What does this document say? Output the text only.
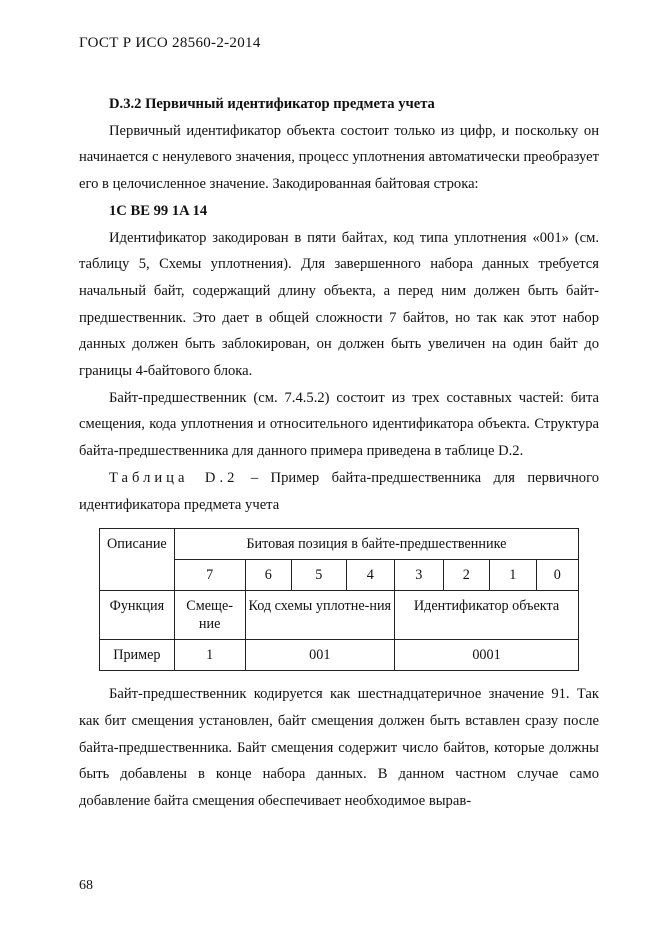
ГОСТ Р ИСО 28560-2-2014

D.3.2 Первичный идентификатор предмета учета

Первичный идентификатор объекта состоит только из цифр, и поскольку он начинается с ненулевого значения, процесс уплотнения автоматически преобразует его в целочисленное значение. Закодированная байтовая строка:

1C BE 99 1A 14

Идентификатор закодирован в пяти байтах, код типа уплотнения «001» (см. таблицу 5, Схемы уплотнения). Для завершенного набора данных требуется начальный байт, содержащий длину объекта, а перед ним должен быть байт-предшественник. Это дает в общей сложности 7 байтов, но так как этот набор данных должен быть заблокирован, он должен быть увеличен на один байт до границы 4-байтового блока.

Байт-предшественник (см. 7.4.5.2) состоит из трех составных частей: бита смещения, кода уплотнения и относительного идентификатора объекта. Структура байта-предшественника для данного примера приведена в таблице D.2.

Таблица D.2 – Пример байта-предшественника для первичного идентификатора предмета учета

Описание	Битовая позиция в байте-предшественнике							
	7	6	5	4	3	2	1	0
Функция	Смеще-ние	Код схемы уплотне-ния			Идентификатор объекта			
Пример	1	001			0001			

Байт-предшественник кодируется как шестнадцатеричное значение 91. Так как бит смещения установлен, байт смещения должен быть вставлен сразу после байта-предшественника. Байт смещения содержит число байтов, которые должны быть добавлены в конце набора данных. В данном частном случае само добавление байта смещения обеспечивает необходимое вырав-

68
